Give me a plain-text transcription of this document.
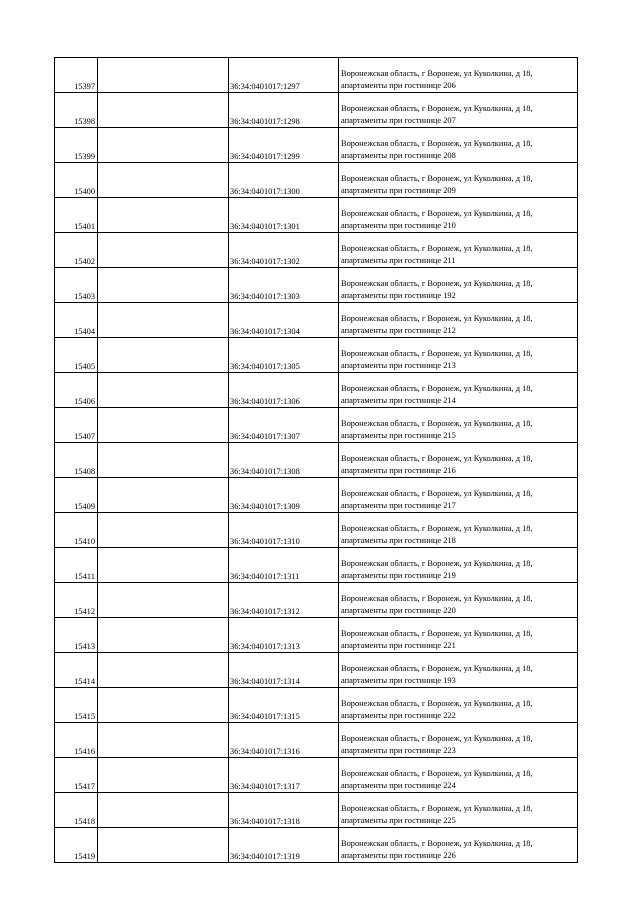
15397		36:34:0401017:1297	Воронежская область, г Воронеж, ул Куколкина, д 18,
апартаменты при гостинице 206

15398		36:34:0401017:1298	Воронежская область, г Воронеж, ул Куколкина, д 18,
апартаменты при гостинице 207

15399		36:34:0401017:1299	Воронежская область, г Воронеж, ул Куколкина, д 18,
апартаменты при гостинице 208

15400		36:34:0401017:1300	Воронежская область, г Воронеж, ул Куколкина, д 18,
апартаменты при гостинице 209

15401		36:34:0401017:1301	Воронежская область, г Воронеж, ул Куколкина, д 18,
апартаменты при гостинице 210

15402		36:34:0401017:1302	Воронежская область, г Воронеж, ул Куколкина, д 18,
апартаменты при гостинице 211

15403		36:34:0401017:1303	Воронежская область, г Воронеж, ул Куколкина, д 18,
апартаменты при гостинице 192

15404		36:34:0401017:1304	Воронежская область, г Воронеж, ул Куколкина, д 18,
апартаменты при гостинице 212

15405		36:34:0401017:1305	Воронежская область, г Воронеж, ул Куколкина, д 18,
апартаменты при гостинице 213

15406		36:34:0401017:1306	Воронежская область, г Воронеж, ул Куколкина, д 18,
апартаменты при гостинице 214

15407		36:34:0401017:1307	Воронежская область, г Воронеж, ул Куколкина, д 18,
апартаменты при гостинице 215

15408		36:34:0401017:1308	Воронежская область, г Воронеж, ул Куколкина, д 18,
апартаменты при гостинице 216

15409		36:34:0401017:1309	Воронежская область, г Воронеж, ул Куколкина, д 18,
апартаменты при гостинице 217

15410		36:34:0401017:1310	Воронежская область, г Воронеж, ул Куколкина, д 18,
апартаменты при гостинице 218

15411		36:34:0401017:1311	Воронежская область, г Воронеж, ул Куколкина, д 18,
апартаменты при гостинице 219

15412		36:34:0401017:1312	Воронежская область, г Воронеж, ул Куколкина, д 18,
апартаменты при гостинице 220

15413		36:34:0401017:1313	Воронежская область, г Воронеж, ул Куколкина, д 18,
апартаменты при гостинице 221

15414		36:34:0401017:1314	Воронежская область, г Воронеж, ул Куколкина, д 18,
апартаменты при гостинице 193

15415		36:34:0401017:1315	Воронежская область, г Воронеж, ул Куколкина, д 18,
апартаменты при гостинице 222

15416		36:34:0401017:1316	Воронежская область, г Воронеж, ул Куколкина, д 18,
апартаменты при гостинице 223

15417		36:34:0401017:1317	Воронежская область, г Воронеж, ул Куколкина, д 18,
апартаменты при гостинице 224

15418		36:34:0401017:1318	Воронежская область, г Воронеж, ул Куколкина, д 18,
апартаменты при гостинице 225

15419		36:34:0401017:1319	Воронежская область, г Воронеж, ул Куколкина, д 18,
апартаменты при гостинице 226
